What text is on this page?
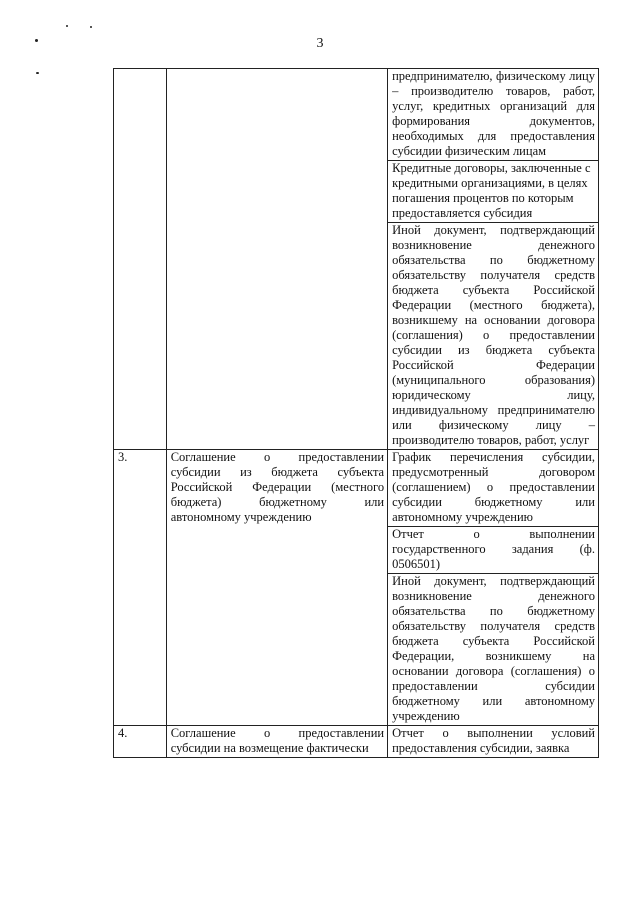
3
		предпринимателю, физическому лицу – производителю товаров, работ, услуг, кредитных организаций для формирования документов, необходимых для предоставления субсидии физическим лицам
		Кредитные договоры, заключенные с кредитными организациями, в целях погашения процентов по которым предоставляется субсидия
		Иной документ, подтверждающий возникновение денежного обязательства по бюджетному обязательству получателя средств бюджета субъекта Российской Федерации (местного бюджета), возникшему на основании договора (соглашения) о предоставлении субсидии из бюджета субъекта Российской Федерации (муниципального образования) юридическому лицу, индивидуальному предпринимателю или физическому лицу – производителю товаров, работ, услуг
3.	Соглашение о предоставлении субсидии из бюджета субъекта Российской Федерации (местного бюджета) бюджетному или автономному учреждению	График перечисления субсидии, предусмотренный договором (соглашением) о предоставлении субсидии бюджетному или автономному учреждению
		Отчет о выполнении государственного задания (ф. 0506501)
		Иной документ, подтверждающий возникновение денежного обязательства по бюджетному обязательству получателя средств бюджета субъекта Российской Федерации, возникшему на основании договора (соглашения) о предоставлении субсидии бюджетному или автономному учреждению
4.	Соглашение о предоставлении субсидии на возмещение фактически	Отчет о выполнении условий предоставления субсидии, заявка
